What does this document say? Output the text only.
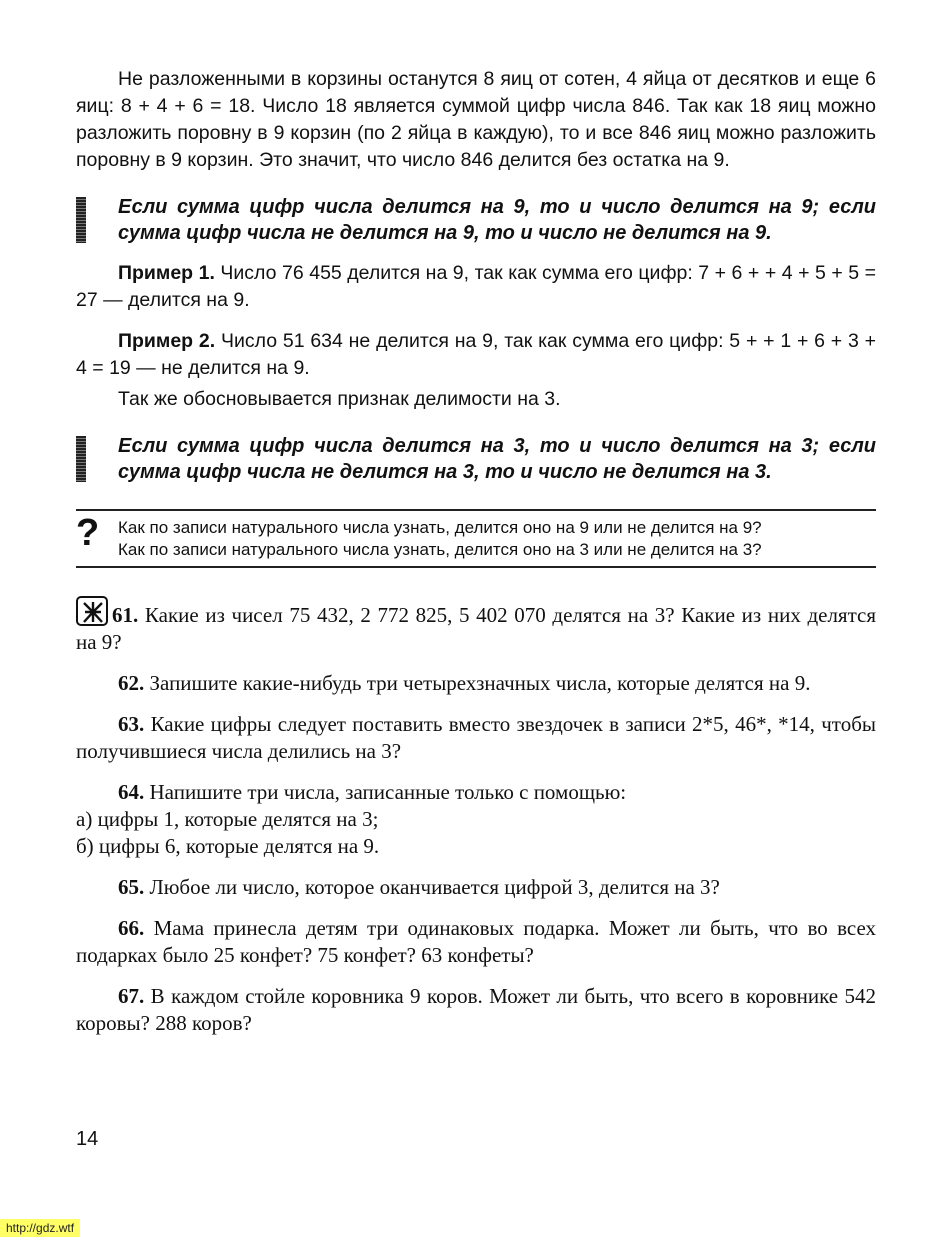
Не разложенными в корзины останутся 8 яиц от сотен, 4 яйца от десятков и еще 6 яиц: 8 + 4 + 6 = 18. Число 18 является суммой цифр числа 846. Так как 18 яиц можно разложить поровну в 9 корзин (по 2 яйца в каждую), то и все 846 яиц можно разложить поровну в 9 корзин. Это значит, что число 846 делится без остатка на 9.

Если сумма цифр числа делится на 9, то и число делится на 9; если сумма цифр числа не делится на 9, то и число не делится на 9.

Пример 1. Число 76 455 делится на 9, так как сумма его цифр: 7 + 6 + + 4 + 5 + 5 = 27 — делится на 9.

Пример 2. Число 51 634 не делится на 9, так как сумма его цифр: 5 + + 1 + 6 + 3 + 4 = 19 — не делится на 9.

Так же обосновывается признак делимости на 3.

Если сумма цифр числа делится на 3, то и число делится на 3; если сумма цифр числа не делится на 3, то и число не делится на 3.

? Как по записи натурального числа узнать, делится оно на 9 или не делится на 9?

Как по записи натурального числа узнать, делится оно на 3 или не делится на 3?

61. Какие из чисел 75 432, 2 772 825, 5 402 070 делятся на 3? Какие из них делятся на 9?

62. Запишите какие-нибудь три четырехзначных числа, которые делятся на 9.

63. Какие цифры следует поставить вместо звездочек в записи 2*5, 46*, *14, чтобы получившиеся числа делились на 3?

64. Напишите три числа, записанные только с помощью:

а) цифры 1, которые делятся на 3;

б) цифры 6, которые делятся на 9.

65. Любое ли число, которое оканчивается цифрой 3, делится на 3?

66. Мама принесла детям три одинаковых подарка. Может ли быть, что во всех подарках было 25 конфет? 75 конфет? 63 конфеты?

67. В каждом стойле коровника 9 коров. Может ли быть, что всего в коровнике 542 коровы? 288 коров?

14
http://gdz.wtf
